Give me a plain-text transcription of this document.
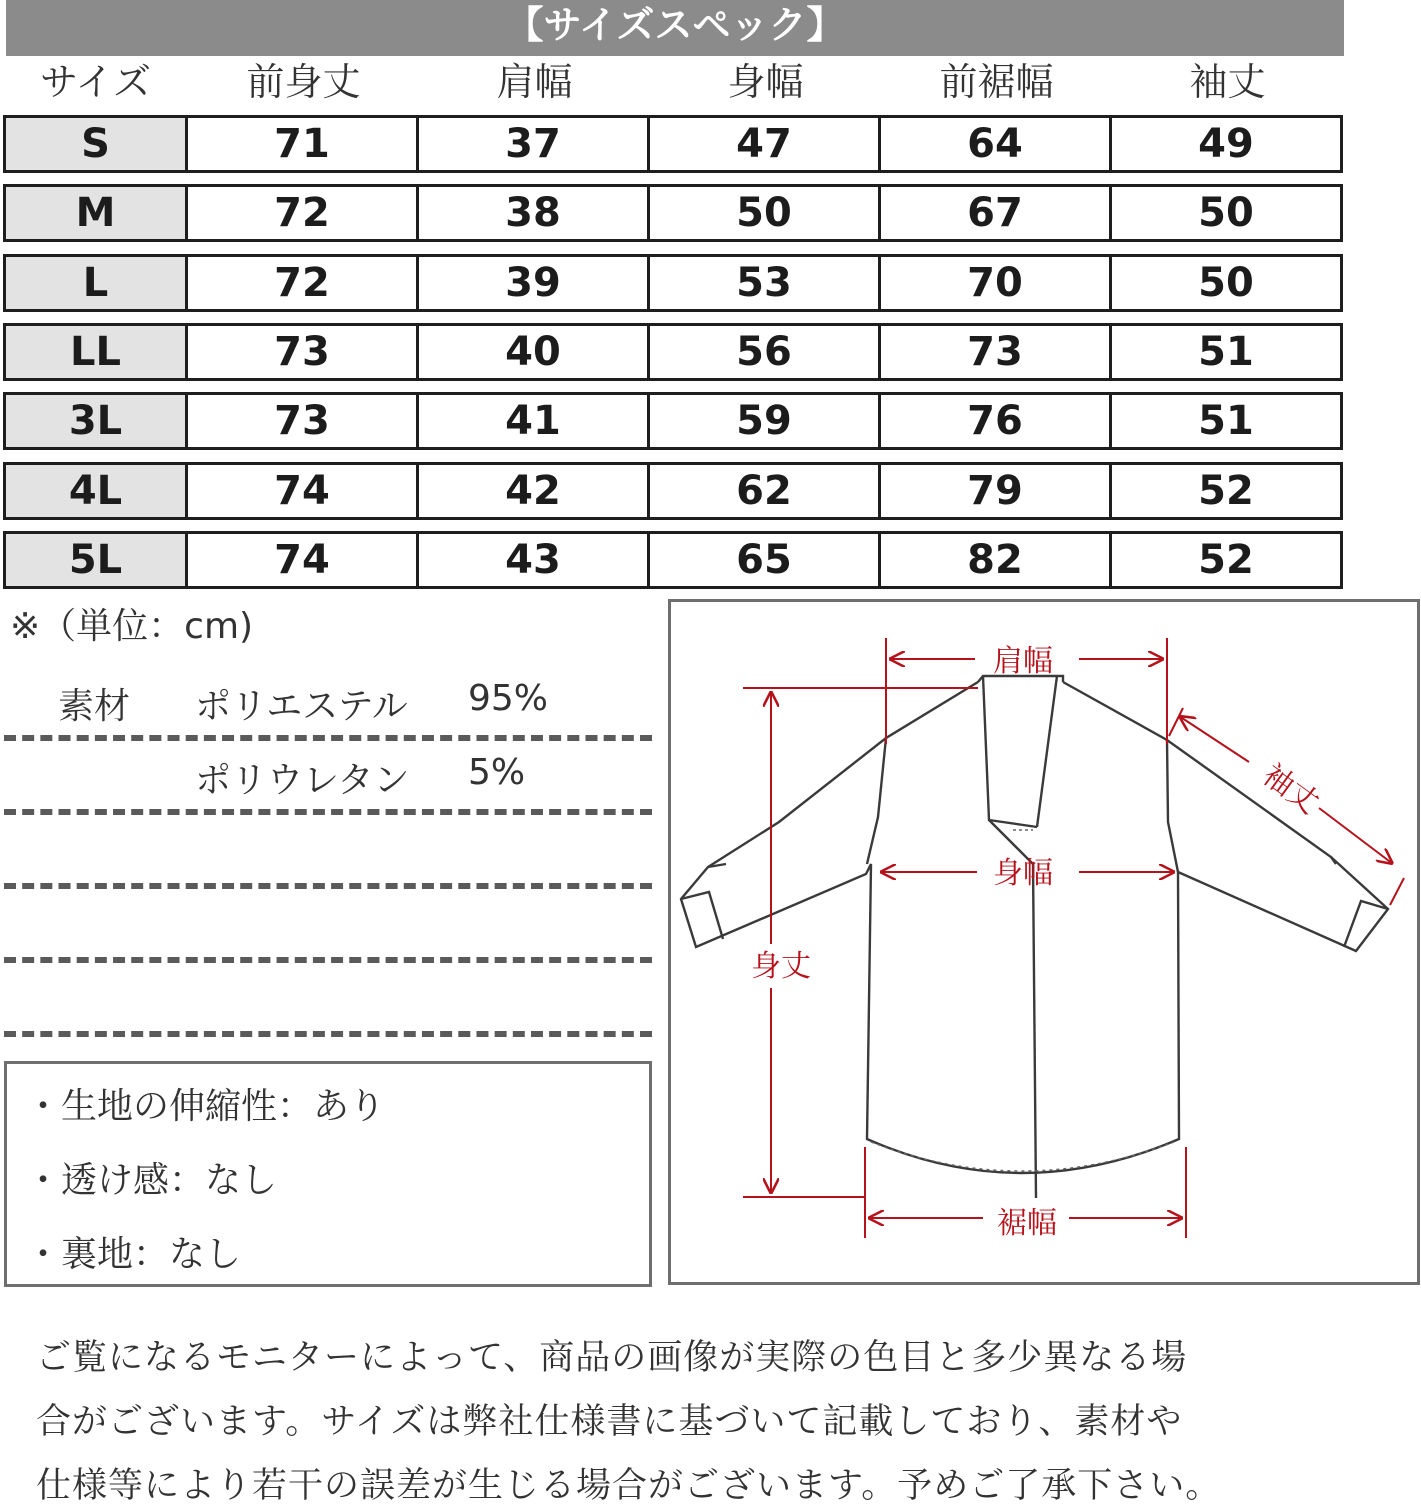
【サイズスペック】
サイズ	前身丈	肩幅	身幅	前裾幅	袖丈
S	71	37	47	64	49
M	72	38	50	67	50
L	72	39	53	70	50
LL	73	40	56	73	51
3L	73	41	59	76	51
4L	74	42	62	79	52
5L	74	43	65	82	52
※（単位：cm)
素材 ポリエステル 95%
ポリウレタン 5%
・生地の伸縮性：あり
・透け感：なし
・裏地：なし
肩幅
身幅
身丈
裾幅
袖丈
ご覧になるモニターによって、商品の画像が実際の色目と多少異なる場
合がございます。サイズは弊社仕様書に基づいて記載しており、素材や
仕様等により若干の誤差が生じる場合がございます。予めご了承下さい。
